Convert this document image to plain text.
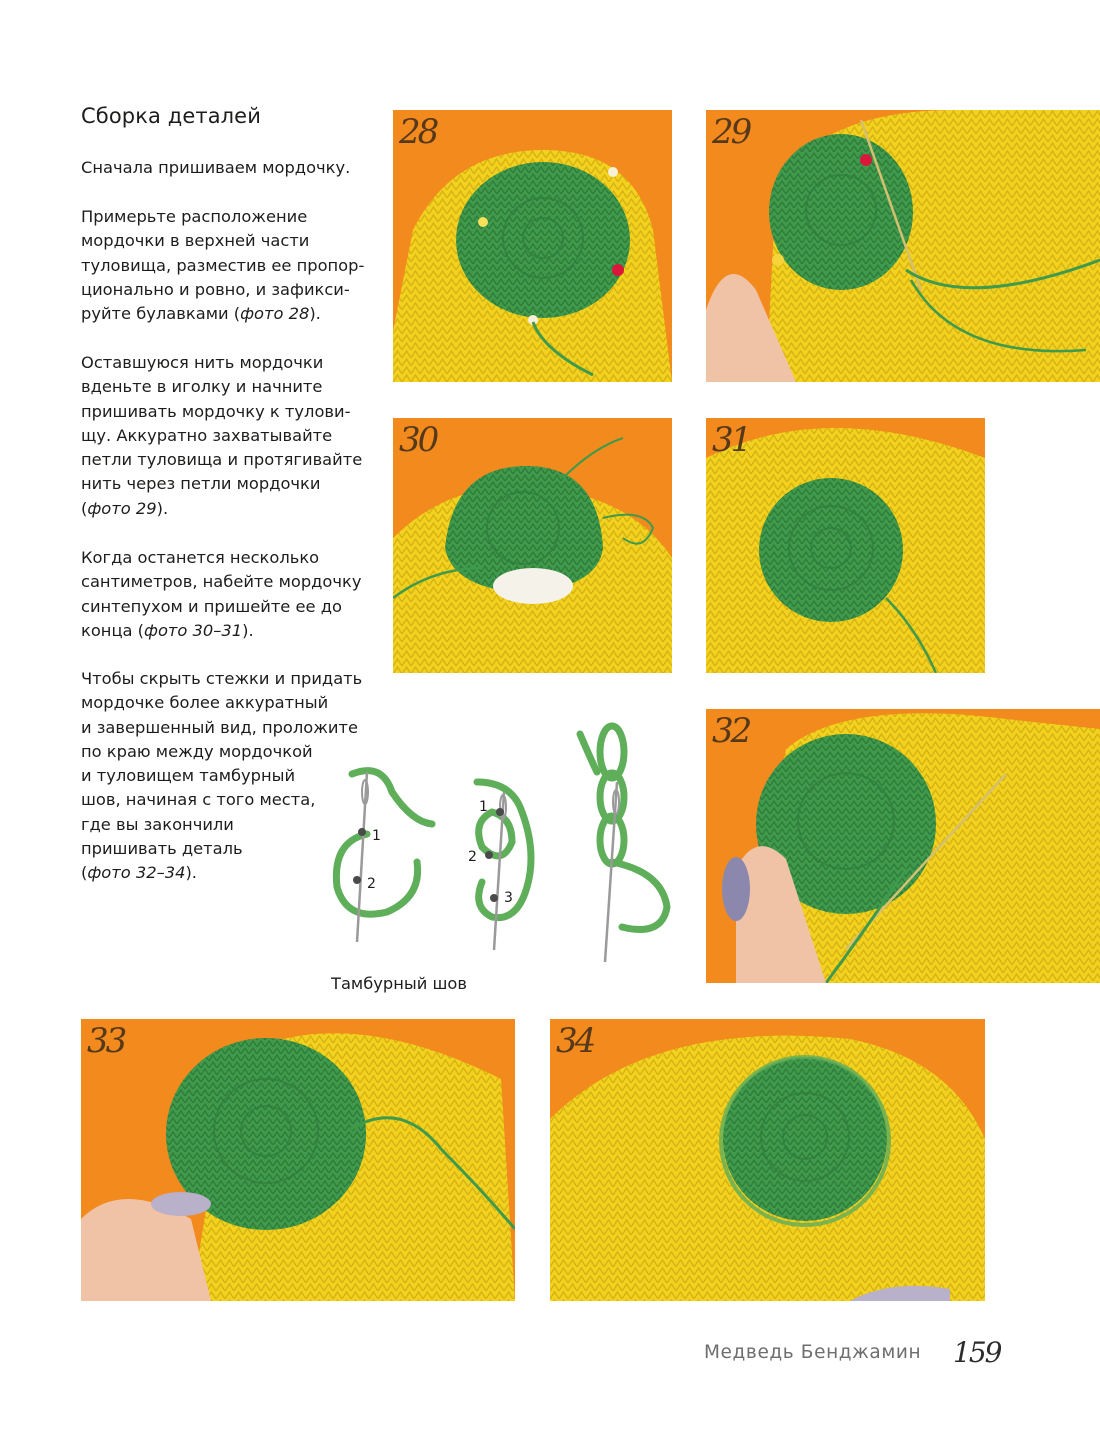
Сборка деталей

Сначала пришиваем мордочку.

Примерьте расположение
мордочки в верхней части
туловища, разместив ее пропор-
ционально и ровно, и зафикси-
руйте булавками (фото 28).

Оставшуюся нить мордочки
вденьте в иголку и начните
пришивать мордочку к тулови-
щу. Аккуратно захватывайте
петли туловища и протягивайте
нить через петли мордочки
(фото 29).

Когда останется несколько
сантиметров, набейте мордочку
синтепухом и пришейте ее до
конца (фото 30–31).

Чтобы скрыть стежки и придать
мордочке более аккуратный
и завершенный вид, проложите
по краю между мордочкой
и туловищем тамбурный
шов, начиная с того места,
где вы закончили
пришивать деталь
(фото 32–34).

28	29
30	31
32
33	34
1
2
1
2
3
Тамбурный шов
Медведь Бенджамин 159
